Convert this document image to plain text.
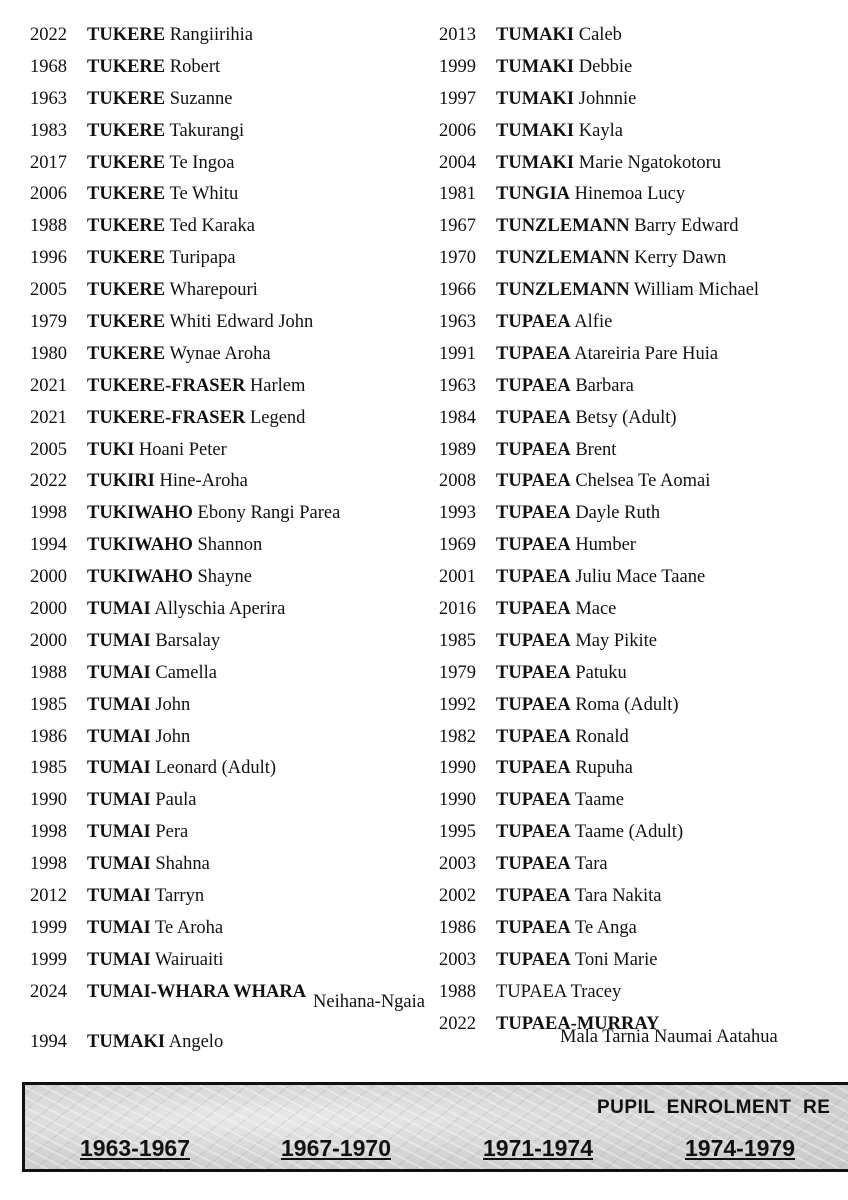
2022 TUKERE Rangiirihia
1968 TUKERE Robert
1963 TUKERE Suzanne
1983 TUKERE Takurangi
2017 TUKERE Te Ingoa
2006 TUKERE Te Whitu
1988 TUKERE Ted Karaka
1996 TUKERE Turipapa
2005 TUKERE Wharepouri
1979 TUKERE Whiti Edward John
1980 TUKERE Wynae Aroha
2021 TUKERE-FRASER Harlem
2021 TUKERE-FRASER Legend
2005 TUKI Hoani Peter
2022 TUKIRI Hine-Aroha
1998 TUKIWAHO Ebony Rangi Parea
1994 TUKIWAHO Shannon
2000 TUKIWAHO Shayne
2000 TUMAI Allyschia Aperira
2000 TUMAI Barsalay
1988 TUMAI Camella
1985 TUMAI John
1986 TUMAI John
1985 TUMAI Leonard (Adult)
1990 TUMAI Paula
1998 TUMAI Pera
1998 TUMAI Shahna
2012 TUMAI Tarryn
1999 TUMAI Te Aroha
1999 TUMAI Wairuaiti
2024 TUMAI-WHARA WHARA Neihana-Ngaia
1994 TUMAKI Angelo
2013 TUMAKI Caleb
1999 TUMAKI Debbie
1997 TUMAKI Johnnie
2006 TUMAKI Kayla
2004 TUMAKI Marie Ngatokotoru
1981 TUNGIA Hinemoa Lucy
1967 TUNZLEMANN Barry Edward
1970 TUNZLEMANN Kerry Dawn
1966 TUNZLEMANN William Michael
1963 TUPAEA Alfie
1991 TUPAEA Atareiria Pare Huia
1963 TUPAEA Barbara
1984 TUPAEA Betsy (Adult)
1989 TUPAEA Brent
2008 TUPAEA Chelsea Te Aomai
1993 TUPAEA Dayle Ruth
1969 TUPAEA Humber
2001 TUPAEA Juliu Mace Taane
2016 TUPAEA Mace
1985 TUPAEA May Pikite
1979 TUPAEA Patuku
1992 TUPAEA Roma (Adult)
1982 TUPAEA Ronald
1990 TUPAEA Rupuha
1990 TUPAEA Taame
1995 TUPAEA Taame (Adult)
2003 TUPAEA Tara
2002 TUPAEA Tara Nakita
1986 TUPAEA Te Anga
2003 TUPAEA Toni Marie
1988 TUPAEA Tracey
2022 TUPAEA-MURRAY
Mala Tarnia Naumai Aatahua
PUPIL  ENROLMENT  RE
1963-1967	1967-1970	1971-1974	1974-1979
